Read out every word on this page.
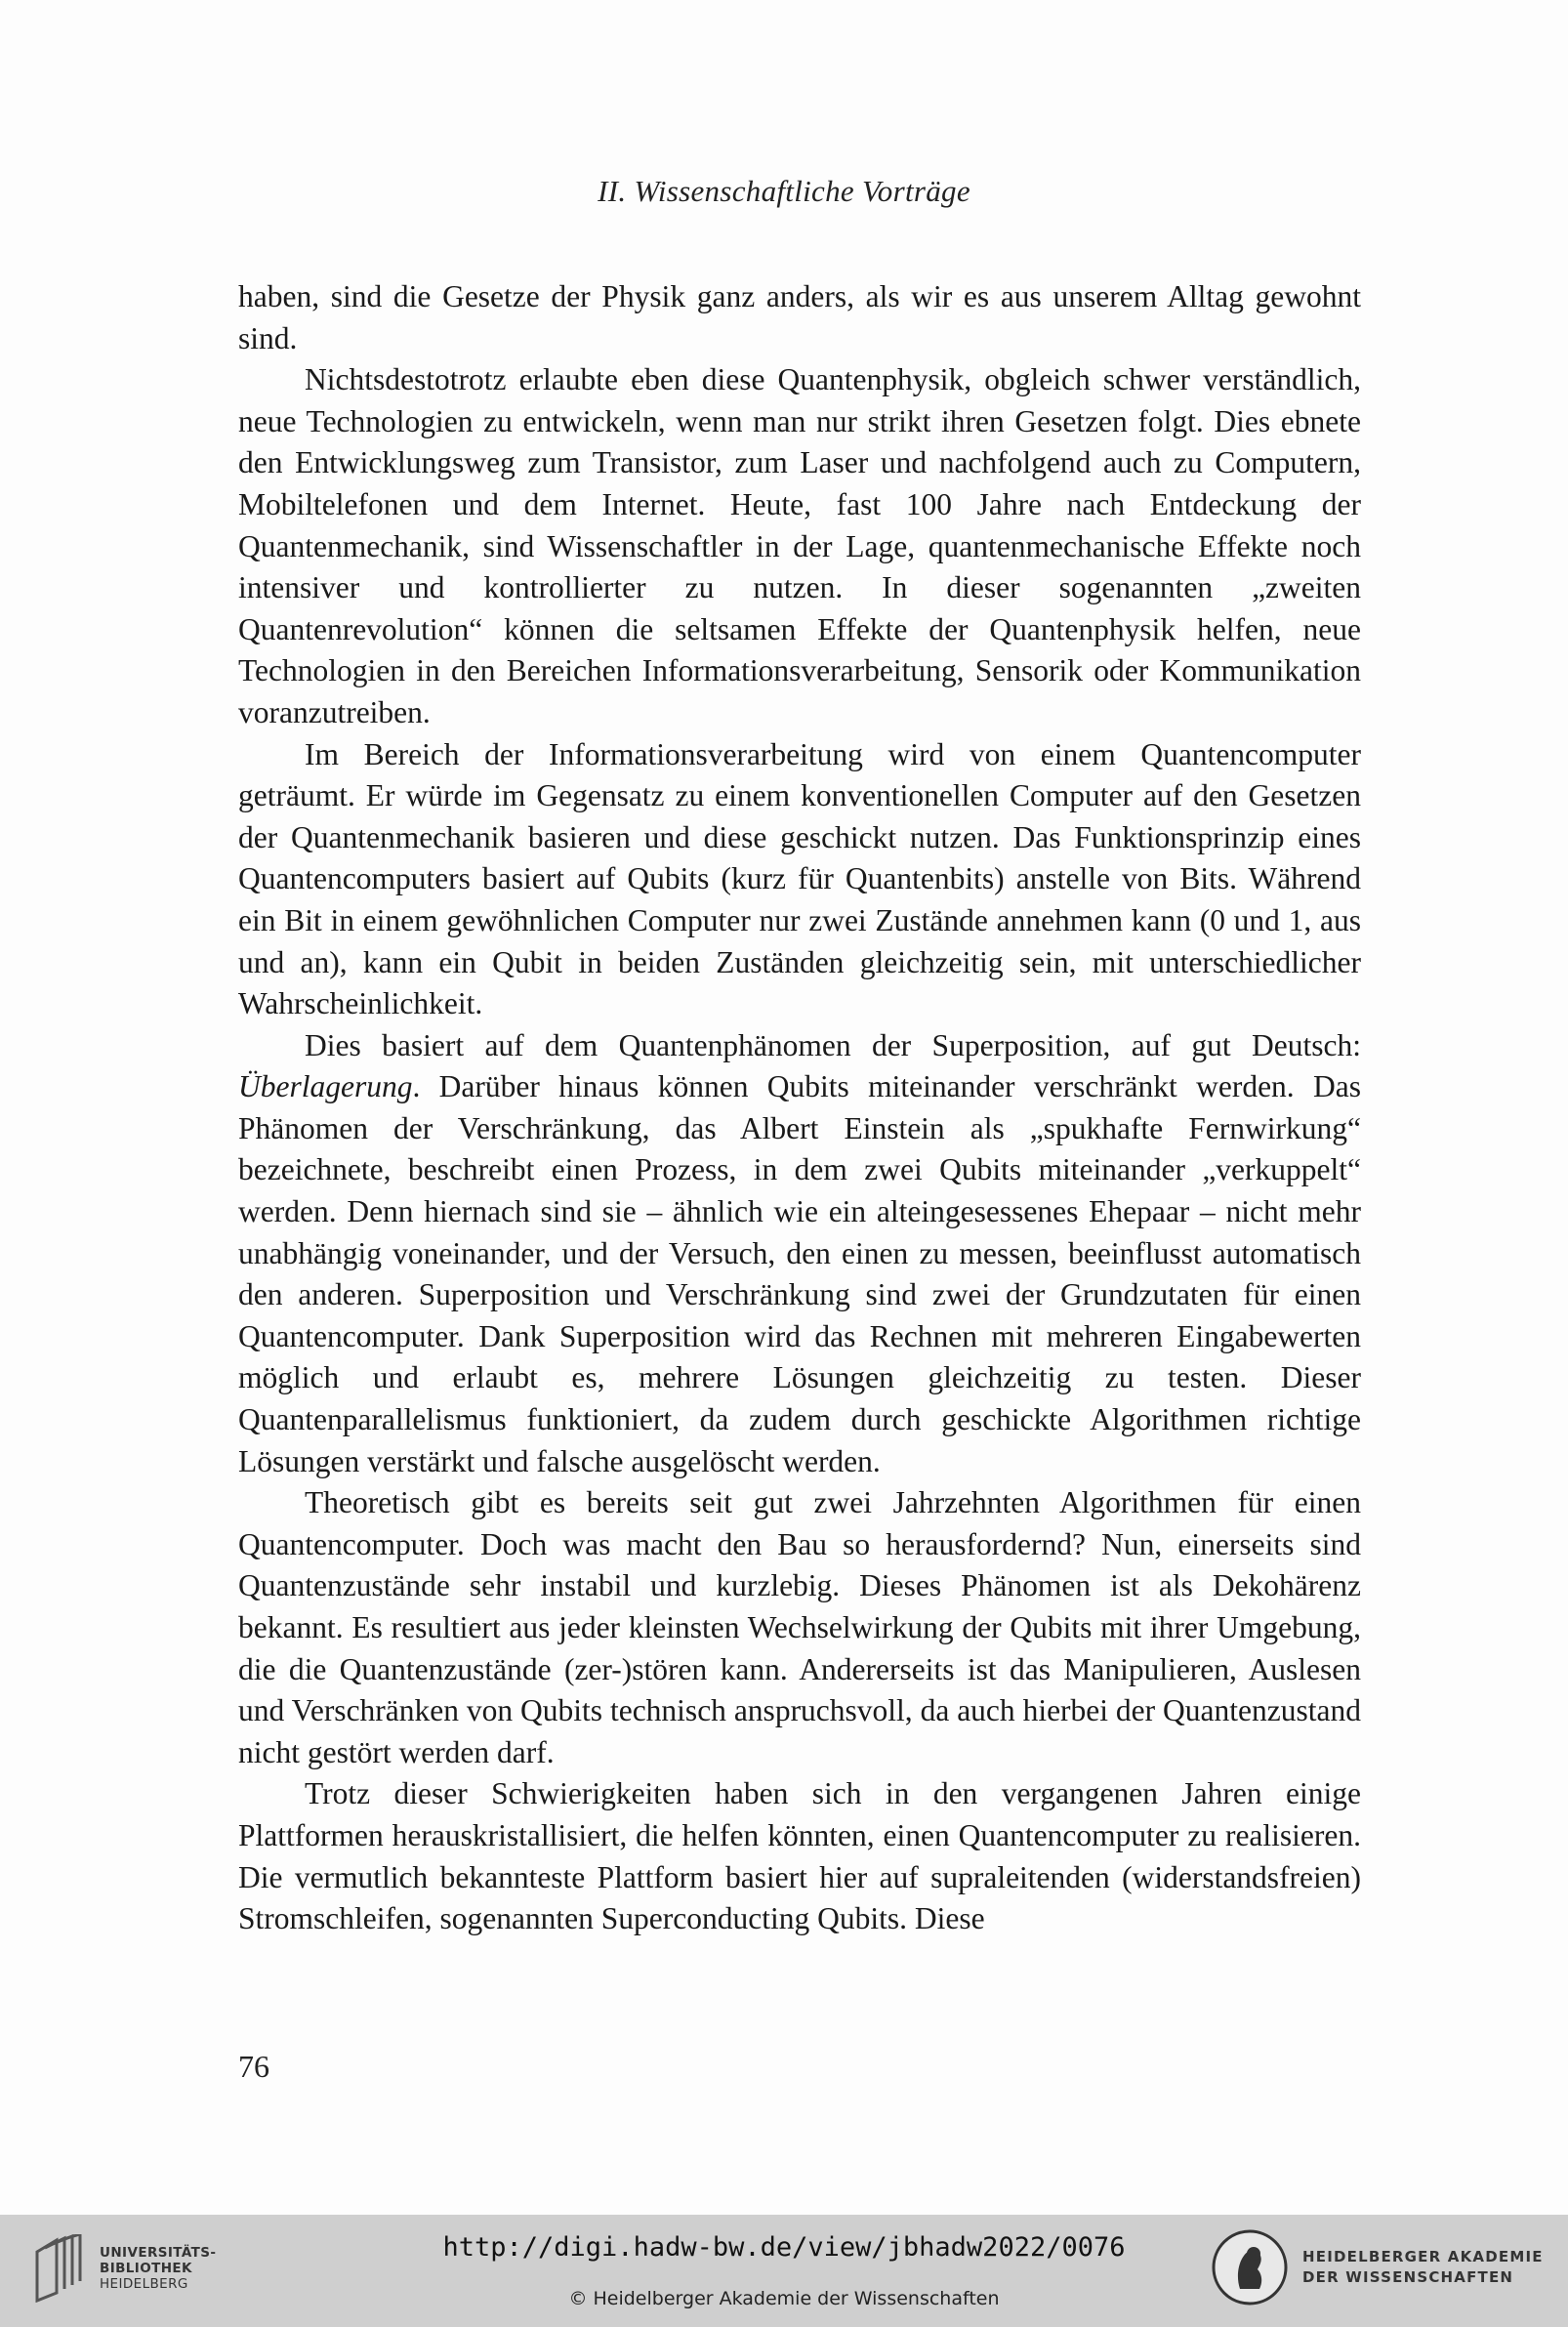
II. Wissenschaftliche Vorträge

haben, sind die Gesetze der Physik ganz anders, als wir es aus unserem Alltag gewohnt sind.

Nichtsdestotrotz erlaubte eben diese Quantenphysik, obgleich schwer verständlich, neue Technologien zu entwickeln, wenn man nur strikt ihren Gesetzen folgt. Dies ebnete den Entwicklungsweg zum Transistor, zum Laser und nachfolgend auch zu Computern, Mobiltelefonen und dem Internet. Heute, fast 100 Jahre nach Entdeckung der Quantenmechanik, sind Wissenschaftler in der Lage, quantenmechanische Effekte noch intensiver und kontrollierter zu nutzen. In dieser sogenannten „zweiten Quantenrevolution“ können die seltsamen Effekte der Quantenphysik helfen, neue Technologien in den Bereichen Informationsverarbeitung, Sensorik oder Kommunikation voranzutreiben.

Im Bereich der Informationsverarbeitung wird von einem Quantencomputer geträumt. Er würde im Gegensatz zu einem konventionellen Computer auf den Gesetzen der Quantenmechanik basieren und diese geschickt nutzen. Das Funktionsprinzip eines Quantencomputers basiert auf Qubits (kurz für Quantenbits) anstelle von Bits. Während ein Bit in einem gewöhnlichen Computer nur zwei Zustände annehmen kann (0 und 1, aus und an), kann ein Qubit in beiden Zuständen gleichzeitig sein, mit unterschiedlicher Wahrscheinlichkeit.

Dies basiert auf dem Quantenphänomen der Superposition, auf gut Deutsch: Überlagerung. Darüber hinaus können Qubits miteinander verschränkt werden. Das Phänomen der Verschränkung, das Albert Einstein als „spukhafte Fernwirkung“ bezeichnete, beschreibt einen Prozess, in dem zwei Qubits miteinander „verkuppelt“ werden. Denn hiernach sind sie – ähnlich wie ein alteingesessenes Ehepaar – nicht mehr unabhängig voneinander, und der Versuch, den einen zu messen, beeinflusst automatisch den anderen. Superposition und Verschränkung sind zwei der Grundzutaten für einen Quantencomputer. Dank Superposition wird das Rechnen mit mehreren Eingabewerten möglich und erlaubt es, mehrere Lösungen gleichzeitig zu testen. Dieser Quantenparallelismus funktioniert, da zudem durch geschickte Algorithmen richtige Lösungen verstärkt und falsche ausgelöscht werden.

Theoretisch gibt es bereits seit gut zwei Jahrzehnten Algorithmen für einen Quantencomputer. Doch was macht den Bau so herausfordernd? Nun, einerseits sind Quantenzustände sehr instabil und kurzlebig. Dieses Phänomen ist als Dekohärenz bekannt. Es resultiert aus jeder kleinsten Wechselwirkung der Qubits mit ihrer Umgebung, die die Quantenzustände (zer-)stören kann. Andererseits ist das Manipulieren, Auslesen und Verschränken von Qubits technisch anspruchsvoll, da auch hierbei der Quantenzustand nicht gestört werden darf.

Trotz dieser Schwierigkeiten haben sich in den vergangenen Jahren einige Plattformen herauskristallisiert, die helfen könnten, einen Quantencomputer zu realisieren. Die vermutlich bekannteste Plattform basiert hier auf supraleitenden (widerstandsfreien) Stromschleifen, sogenannten Superconducting Qubits. Diese

76
UNIVERSITÄTS-
BIBLIOTHEK
HEIDELBERG
http://digi.hadw-bw.de/view/jbhadw2022/0076
© Heidelberger Akademie der Wissenschaften
HEIDELBERGER AKADEMIE
DER WISSENSCHAFTEN
